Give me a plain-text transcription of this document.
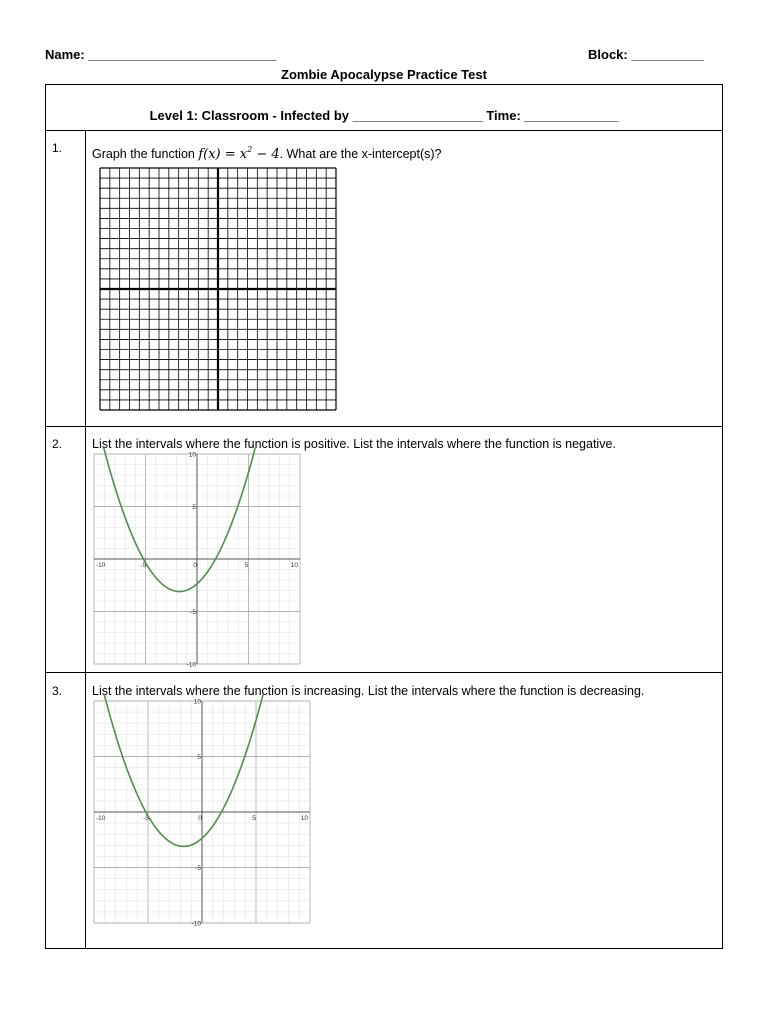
Name: __________________________	Block: __________
Zombie Apocalypse Practice Test
Level 1: Classroom - Infected by __________________ Time: _____________
1. Graph the function $f(x) = x^2 - 4$. What are the x-intercept(s)?
2. List the intervals where the function is positive. List the intervals where the function is negative.
-10	-5	0	5	10
10
5
-5
-10
3. List the intervals where the function is increasing. List the intervals where the function is decreasing.
-10	-5	0	5	10
10
5
-5
-10
